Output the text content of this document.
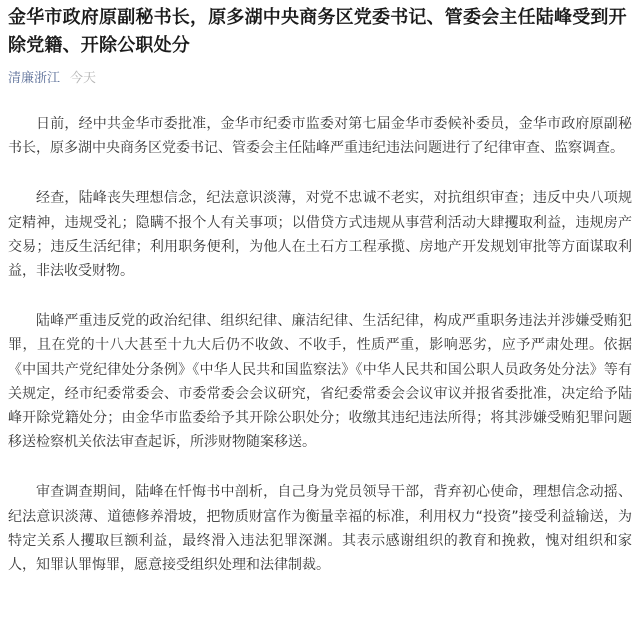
金华市政府原副秘书长，原多湖中央商务区党委书记、管委会主任陆峰受到开除党籍、开除公职处分
清廉浙江 今天

日前，经中共金华市委批准，金华市纪委市监委对第七届金华市委候补委员，金华市政府原副秘书长，原多湖中央商务区党委书记、管委会主任陆峰严重违纪违法问题进行了纪律审查、监察调查。

经查，陆峰丧失理想信念，纪法意识淡薄，对党不忠诚不老实，对抗组织审查；违反中央八项规定精神，违规受礼；隐瞒不报个人有关事项；以借贷方式违规从事营利活动大肆攫取利益，违规房产交易；违反生活纪律；利用职务便利，为他人在土石方工程承揽、房地产开发规划审批等方面谋取利益，非法收受财物。

陆峰严重违反党的政治纪律、组织纪律、廉洁纪律、生活纪律，构成严重职务违法并涉嫌受贿犯罪，且在党的十八大甚至十九大后仍不收敛、不收手，性质严重，影响恶劣，应予严肃处理。依据《中国共产党纪律处分条例》《中华人民共和国监察法》《中华人民共和国公职人员政务处分法》等有关规定，经市纪委常委会、市委常委会会议研究，省纪委常委会会议审议并报省委批准，决定给予陆峰开除党籍处分；由金华市监委给予其开除公职处分；收缴其违纪违法所得；将其涉嫌受贿犯罪问题移送检察机关依法审查起诉，所涉财物随案移送。

审查调查期间，陆峰在忏悔书中剖析，自己身为党员领导干部，背弃初心使命，理想信念动摇、纪法意识淡薄、道德修养滑坡，把物质财富作为衡量幸福的标准，利用权力“投资”接受利益输送，为特定关系人攫取巨额利益，最终滑入违法犯罪深渊。其表示感谢组织的教育和挽救，愧对组织和家人，知罪认罪悔罪，愿意接受组织处理和法律制裁。
